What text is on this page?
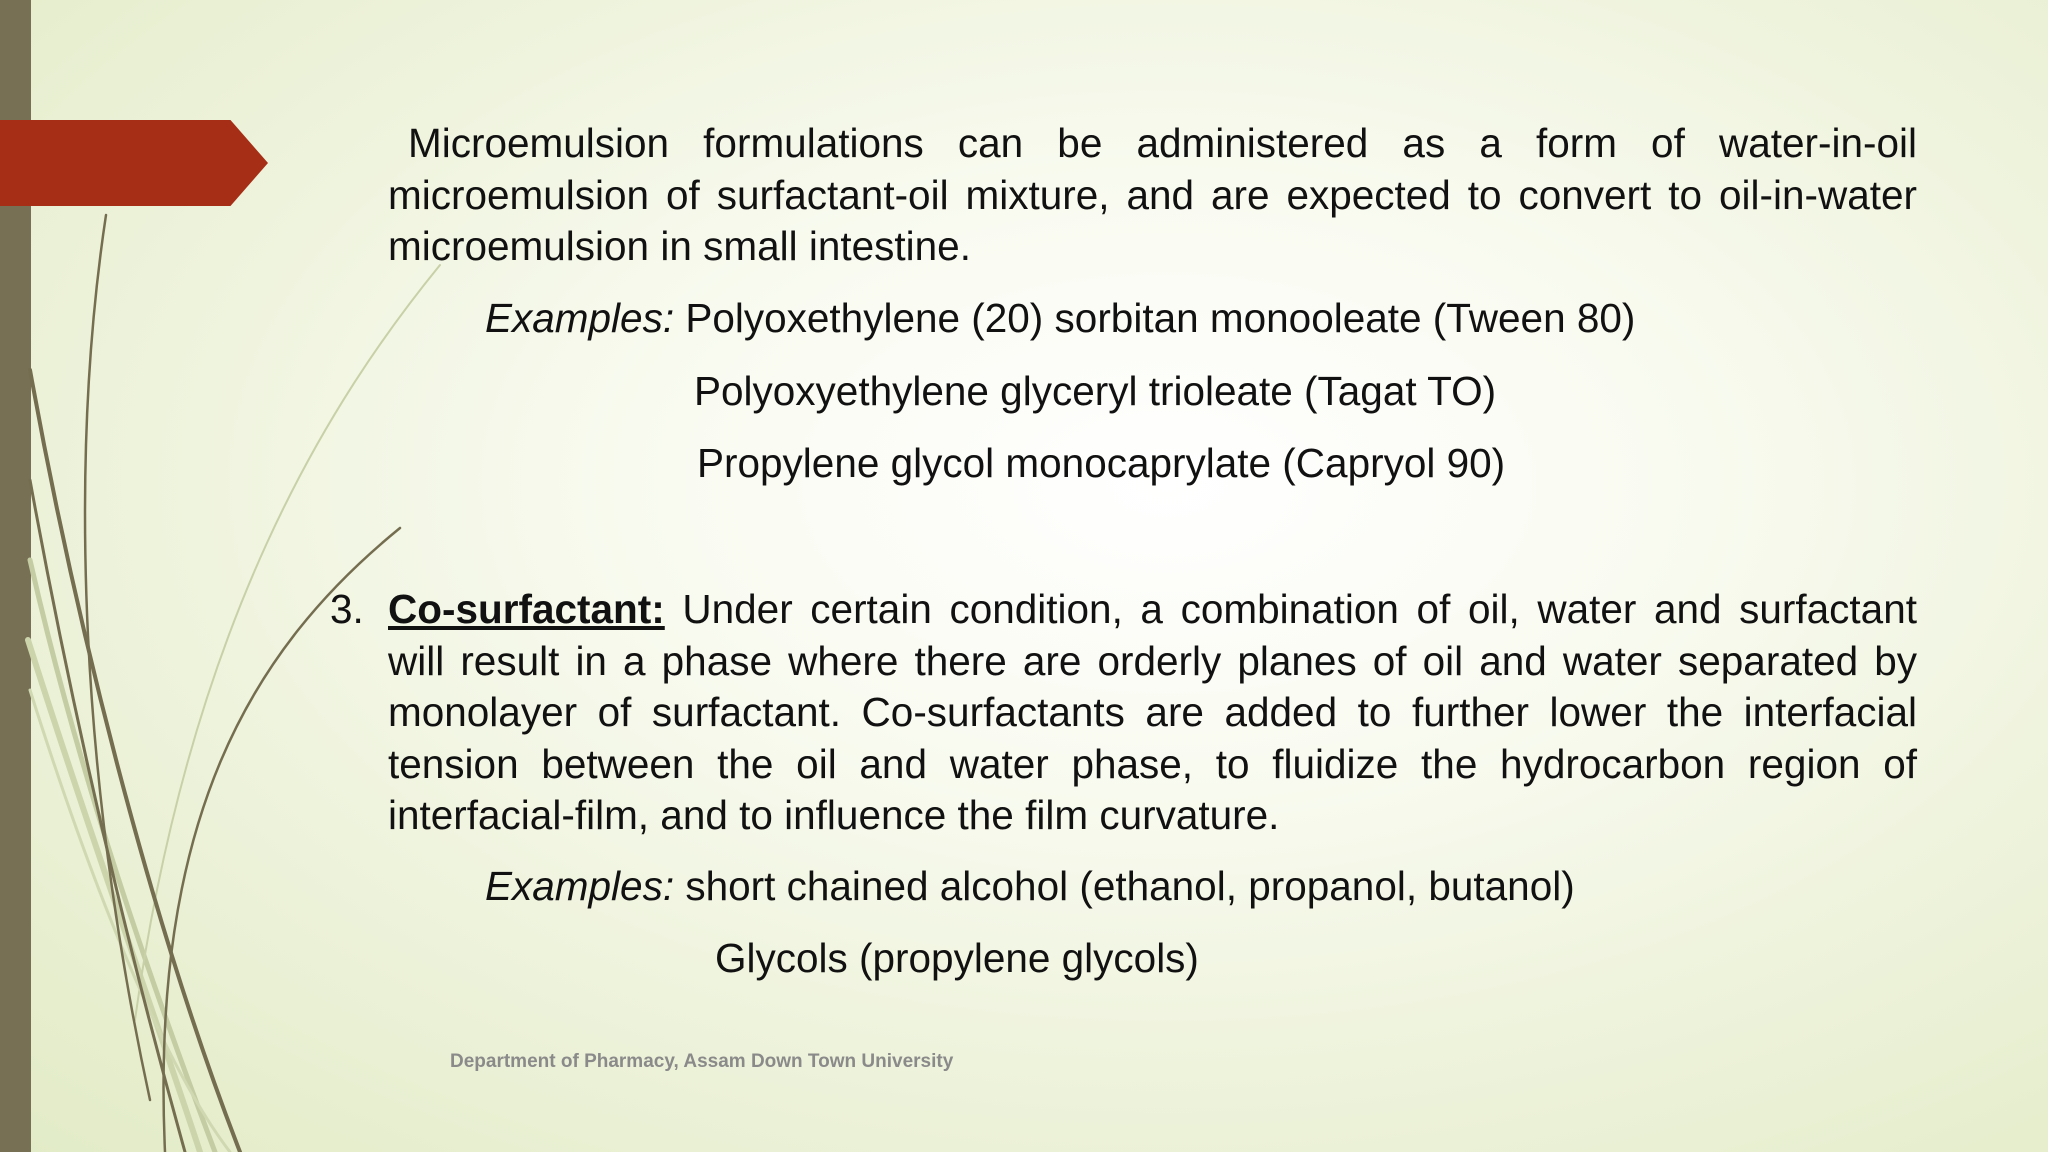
Microemulsion formulations can be administered as a form of water-in-oil microemulsion of surfactant-oil mixture, and are expected to convert to oil-in-water microemulsion in small intestine.

Examples: Polyoxethylene (20) sorbitan monooleate (Tween 80)
Polyoxyethylene glyceryl trioleate (Tagat TO)
Propylene glycol monocaprylate (Capryol 90)
3. Co-surfactant: Under certain condition, a combination of oil, water and surfactant will result in a phase where there are orderly planes of oil and water separated by monolayer of surfactant. Co-surfactants are added to further lower the interfacial tension between the oil and water phase, to fluidize the hydrocarbon region of interfacial-film, and to influence the film curvature.

Examples: short chained alcohol (ethanol, propanol, butanol)
Glycols (propylene glycols)
Department of Pharmacy, Assam Down Town University
